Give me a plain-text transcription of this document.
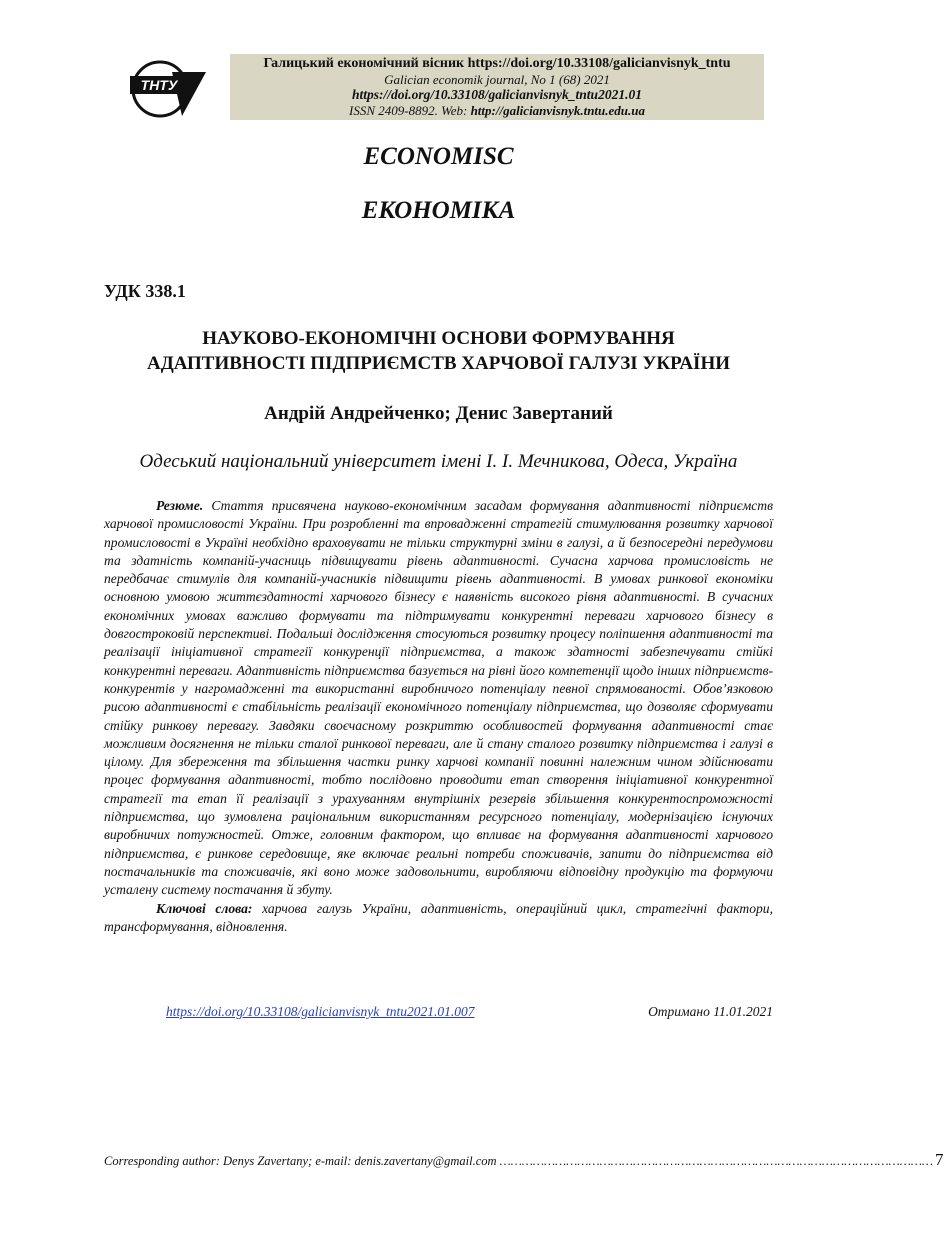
ТНТУ
Галицький економічний вісник https://doi.org/10.33108/galicianvisnyk_tntu
Galician economik journal, No 1 (68) 2021
https://doi.org/10.33108/galicianvisnyk_tntu2021.01
ISSN 2409-8892. Web: http://galicianvisnyk.tntu.edu.ua
ECONOMISC
ЕКОНОМІКА
УДК 338.1
НАУКОВО-ЕКОНОМІЧНІ ОСНОВИ ФОРМУВАННЯ
АДАПТИВНОСТІ ПІДПРИЄМСТВ ХАРЧОВОЇ ГАЛУЗІ УКРАЇНИ
Андрій Андрейченко; Денис Завертаний
Одеський національний університет імені І. І. Мечникова, Одеса, Україна

Резюме. Стаття присвячена науково-економічним засадам формування адаптивності підприємств харчової промисловості України. При розробленні та впровадженні стратегій стимулювання розвитку харчової промисловості в Україні необхідно враховувати не тільки структурні зміни в галузі, а й безпосередні передумови та здатність компаній-учасниць підвищувати рівень адаптивності. Сучасна харчова промисловість не передбачає стимулів для компаній-учасників підвищити рівень адаптивності. В умовах ринкової економіки основною умовою життєздатності харчового бізнесу є наявність високого рівня адаптивності. В сучасних економічних умовах важливо формувати та підтримувати конкурентні переваги харчового бізнесу в довгостроковій перспективі. Подальші дослідження стосуються розвитку процесу поліпшення адаптивності та реалізації ініціативної стратегії конкуренції підприємства, а також здатності забезпечувати стійкі конкурентні переваги. Адаптивність підприємства базується на рівні його компетенції щодо інших підприємств-конкурентів у нагромадженні та використанні виробничого потенціалу певної спрямованості. Обов’язковою рисою адаптивності є стабільність реалізації економічного потенціалу підприємства, що дозволяє сформувати стійку ринкову перевагу. Завдяки своєчасному розкриттю особливостей формування адаптивності стає можливим досягнення не тільки сталої ринкової переваги, але й стану сталого розвитку підприємства і галузі в цілому. Для збереження та збільшення частки ринку харчові компанії повинні належним чином здійснювати процес формування адаптивності, тобто послідовно проводити етап створення ініціативної конкурентної стратегії та етап її реалізації з урахуванням внутрішніх резервів збільшення конкурентоспроможності підприємства, що зумовлена раціональним використанням ресурсного потенціалу, модернізацією існуючих виробничих потужностей. Отже, головним фактором, що впливає на формування адаптивності харчового підприємства, є ринкове середовище, яке включає реальні потреби споживачів, запити до підприємства від постачальників та споживачів, які воно може задовольнити, виробляючи відповідну продукцію та формуючи усталену систему постачання й збуту.

Ключові слова: харчова галузь України, адаптивність, операційний цикл, стратегічні фактори, трансформування, відновлення.

https://doi.org/10.33108/galicianvisnyk_tntu2021.01.007	Отримано 11.01.2021
Corresponding author: Denys Zavertany; e-mail: denis.zavertany@gmail.com ……………………………………………………………………………………………………… 7
